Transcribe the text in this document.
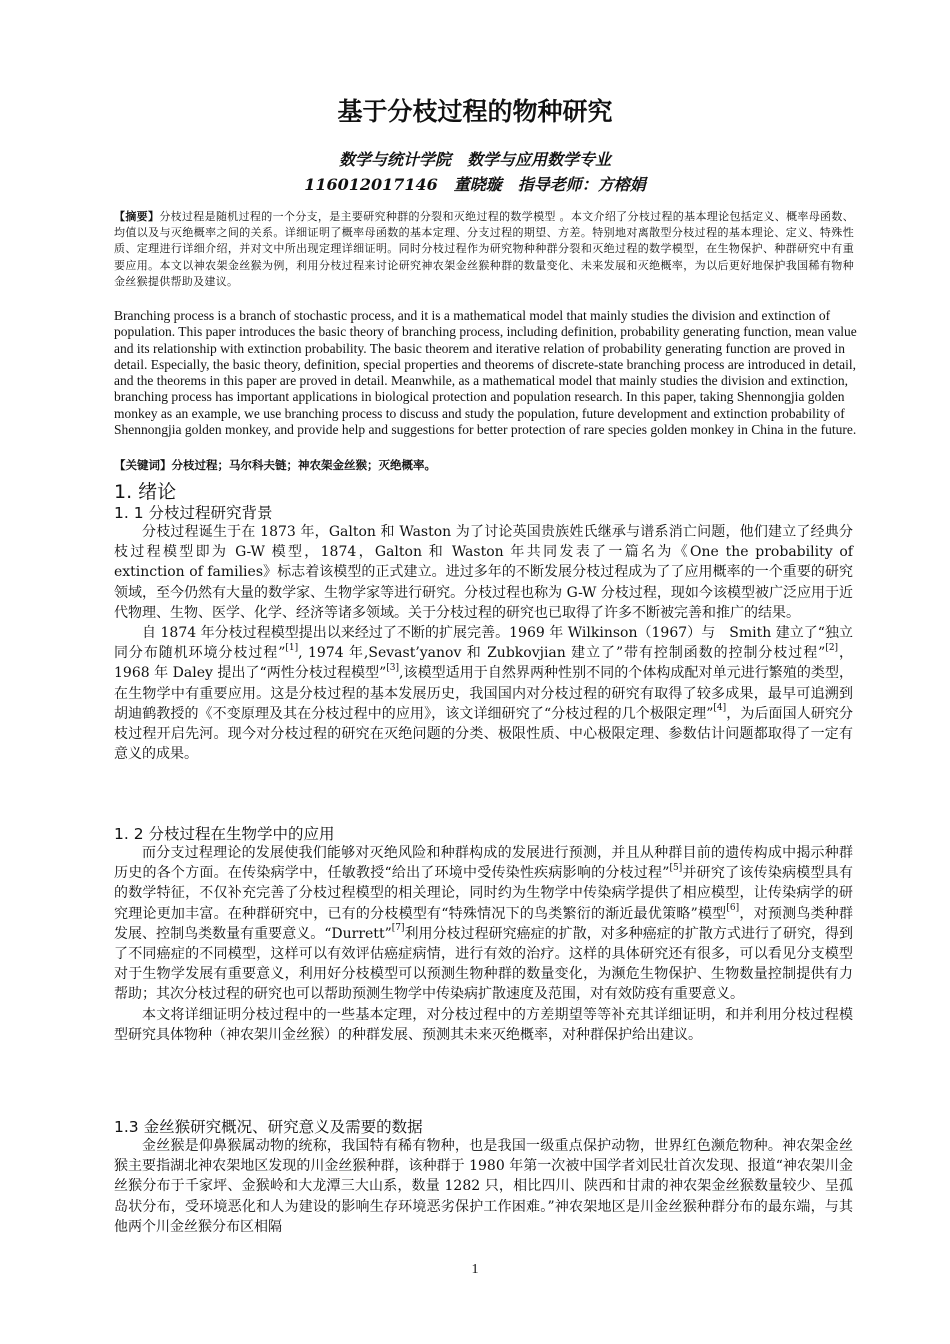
基于分枝过程的物种研究
数学与统计学院　数学与应用数学专业
116012017146　董晓璇　指导老师：方榕娟
【摘要】分枝过程是随机过程的一个分支，是主要研究种群的分裂和灭绝过程的数学模型 。本文介绍了分枝过程的基本理论包括定义、概率母函数、均值以及与灭绝概率之间的关系。详细证明了概率母函数的基本定理、分支过程的期望、方差。特别地对离散型分枝过程的基本理论、定义、特殊性质、定理进行详细介绍，并对文中所出现定理详细证明。同时分枝过程作为研究物种种群分裂和灭绝过程的数学模型，在生物保护、种群研究中有重要应用。本文以神农架金丝猴为例，利用分枝过程来讨论研究神农架金丝猴种群的数量变化、未来发展和灭绝概率，为以后更好地保护我国稀有物种金丝猴提供帮助及建议。
Branching process is a branch of stochastic process, and it is a mathematical model that mainly studies the division and extinction of population. This paper introduces the basic theory of branching process, including definition, probability generating function, mean value and its relationship with extinction probability. The basic theorem and iterative relation of probability generating function are proved in detail. Especially, the basic theory, definition, special properties and theorems of discrete-state branching process are introduced in detail, and the theorems in this paper are proved in detail. Meanwhile, as a mathematical model that mainly studies the division and extinction, branching process has important applications in biological protection and population research. In this paper, taking Shennongjia golden monkey as an example, we use branching process to discuss and study the population, future development and extinction probability of Shennongjia golden monkey, and provide help and suggestions for better protection of rare species golden monkey in China in the future.
【关键词】分枝过程；马尔科夫链；神农架金丝猴；灭绝概率。
1. 绪论
1. 1 分枝过程研究背景

分枝过程诞生于在 1873 年，Galton 和 Waston 为了讨论英国贵族姓氏继承与谱系消亡问题，他们建立了经典分枝过程模型即为 G-W 模型，1874，Galton 和 Waston 年共同发表了一篇名为《One the probability of extinction of families》标志着该模型的正式建立。进过多年的不断发展分枝过程成为了了应用概率的一个重要的研究领域，至今仍然有大量的数学家、生物学家等进行研究。分枝过程也称为 G-W 分枝过程，现如今该模型被广泛应用于近代物理、生物、医学、化学、经济等诸多领域。关于分枝过程的研究也已取得了许多不断被完善和推广的结果。

自 1874 年分枝过程模型提出以来经过了不断的扩展完善。1969 年 Wilkinson（1967）与　Smith 建立了“独立同分布随机环境分枝过程”[1], 1974 年,Sevast’yanov 和 Zubkovjian 建立了”带有控制函数的控制分枝过程”[2]，1968 年 Daley 提出了“两性分枝过程模型”[3],该模型适用于自然界两种性别不同的个体构成配对单元进行繁殖的类型，在生物学中有重要应用。这是分枝过程的基本发展历史，我国国内对分枝过程的研究有取得了较多成果，最早可追溯到胡迪鹤教授的《不变原理及其在分枝过程中的应用》，该文详细研究了“分枝过程的几个极限定理”[4]，为后面国人研究分枝过程开启先河。现今对分枝过程的研究在灭绝问题的分类、极限性质、中心极限定理、参数估计问题都取得了一定有意义的成果。

1. 2 分枝过程在生物学中的应用

而分支过程理论的发展使我们能够对灭绝风险和种群构成的发展进行预测，并且从种群目前的遗传构成中揭示种群历史的各个方面。在传染病学中，任敏教授“给出了环境中受传染性疾病影响的分枝过程”[5]并研究了该传染病模型具有的数学特征，不仅补充完善了分枝过程模型的相关理论，同时约为生物学中传染病学提供了相应模型，让传染病学的研究理论更加丰富。在种群研究中，已有的分枝模型有“特殊情况下的鸟类繁衍的渐近最优策略”模型[6]，对预测鸟类种群发展、控制鸟类数量有重要意义。“Durrett”[7]利用分枝过程研究癌症的扩散，对多种癌症的扩散方式进行了研究，得到了不同癌症的不同模型，这样可以有效评估癌症病情，进行有效的治疗。这样的具体研究还有很多，可以看见分支模型对于生物学发展有重要意义，利用好分枝模型可以预测生物种群的数量变化，为濒危生物保护、生物数量控制提供有力帮助；其次分枝过程的研究也可以帮助预测生物学中传染病扩散速度及范围，对有效防疫有重要意义。

本文将详细证明分枝过程中的一些基本定理，对分枝过程中的方差期望等等补充其详细证明，和并利用分枝过程模型研究具体物种（神农架川金丝猴）的种群发展、预测其未来灭绝概率，对种群保护给出建议。

1.3 金丝猴研究概况、研究意义及需要的数据

金丝猴是仰鼻猴属动物的统称，我国特有稀有物种，也是我国一级重点保护动物，世界红色濒危物种。神农架金丝猴主要指湖北神农架地区发现的川金丝猴种群，该种群于 1980 年第一次被中国学者刘民壮首次发现、报道“神农架川金丝猴分布于千家坪、金猴岭和大龙潭三大山系，数量 1282 只，相比四川、陕西和甘肃的神农架金丝猴数量较少、呈孤岛状分布，受环境恶化和人为建设的影响生存环境恶劣保护工作困难。”神农架地区是川金丝猴种群分布的最东端，与其他两个川金丝猴分布区相隔

1
